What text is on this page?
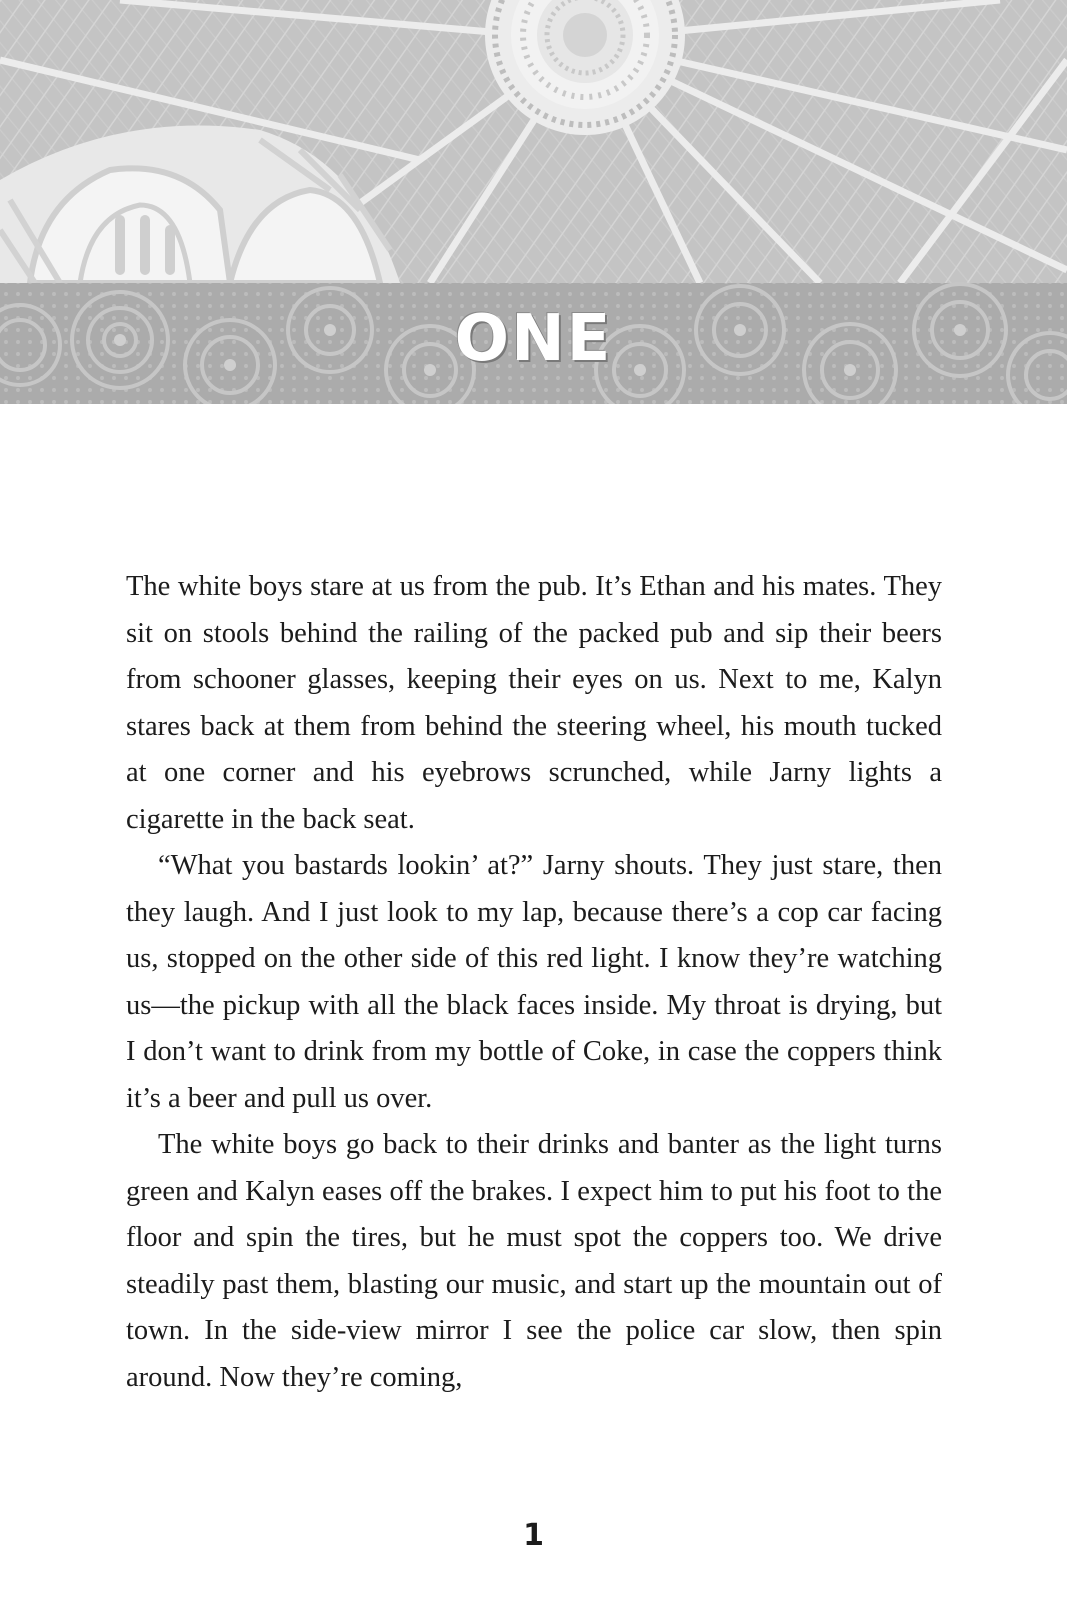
ONE

The white boys stare at us from the pub. It’s Ethan and his mates. They sit on stools behind the railing of the packed pub and sip their beers from schooner glasses, keeping their eyes on us. Next to me, Kalyn stares back at them from behind the steering wheel, his mouth tucked at one corner and his eyebrows scrunched, while Jarny lights a cigarette in the back seat.

“What you bastards lookin’ at?” Jarny shouts. They just stare, then they laugh. And I just look to my lap, because there’s a cop car facing us, stopped on the other side of this red light. I know they’re watching us—the pickup with all the black faces inside. My throat is drying, but I don’t want to drink from my bottle of Coke, in case the coppers think it’s a beer and pull us over.

The white boys go back to their drinks and banter as the light turns green and Kalyn eases off the brakes. I expect him to put his foot to the floor and spin the tires, but he must spot the coppers too. We drive steadily past them, blasting our music, and start up the mountain out of town. In the side-view mirror I see the police car slow, then spin around. Now they’re coming,

1
